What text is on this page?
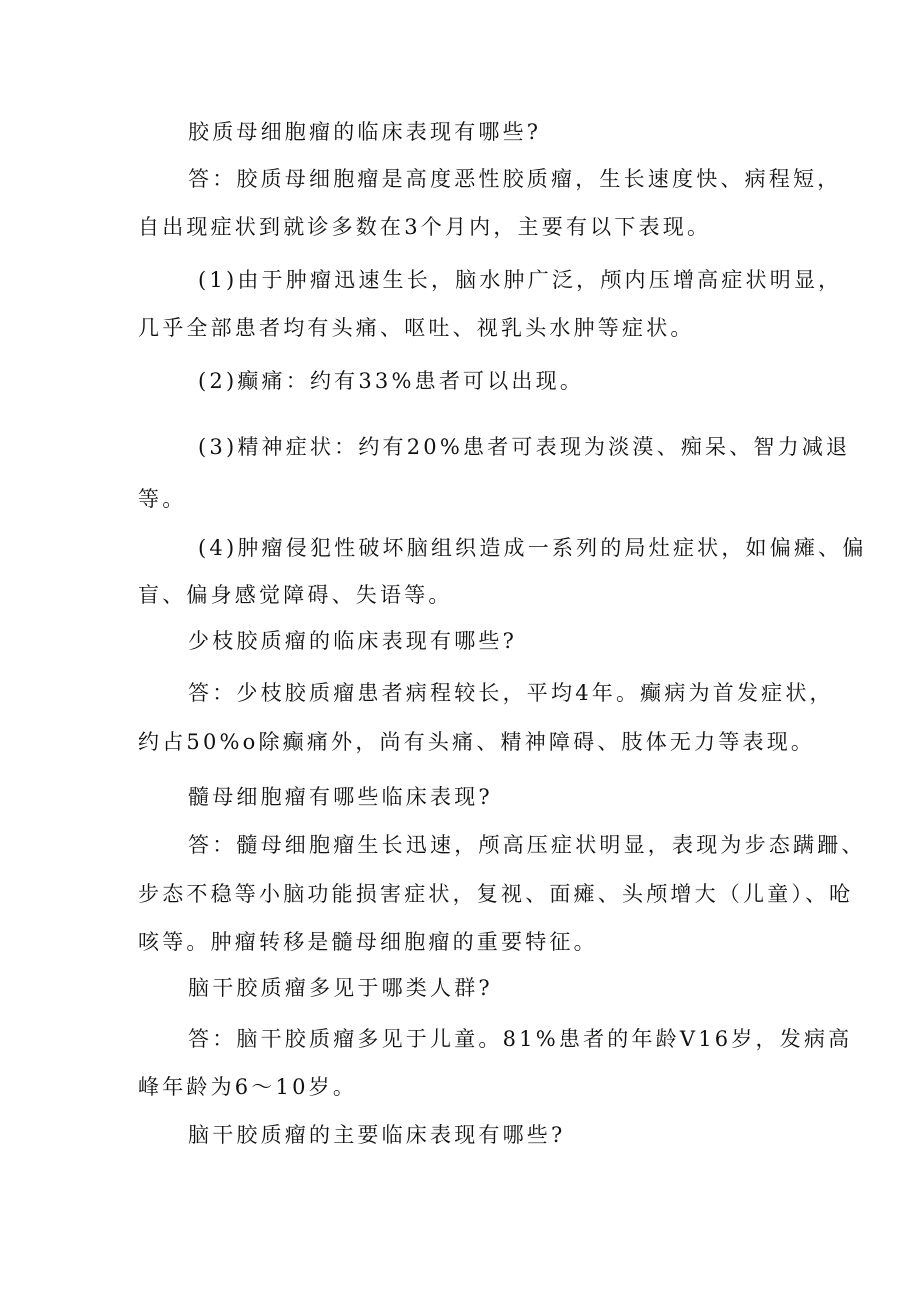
胶质母细胞瘤的临床表现有哪些?
答：胶质母细胞瘤是高度恶性胶质瘤，生长速度快、病程短，
自出现症状到就诊多数在3个月内，主要有以下表现。
(1)由于肿瘤迅速生长，脑水肿广泛，颅内压增高症状明显，
几乎全部患者均有头痛、呕吐、视乳头水肿等症状。
(2)癫痛：约有33%患者可以出现。
(3)精神症状：约有20%患者可表现为淡漠、痴呆、智力减退
等。
(4)肿瘤侵犯性破坏脑组织造成一系列的局灶症状，如偏瘫、偏
盲、偏身感觉障碍、失语等。
少枝胶质瘤的临床表现有哪些?
答：少枝胶质瘤患者病程较长，平均4年。癫病为首发症状，
约占50%o除癫痛外，尚有头痛、精神障碍、肢体无力等表现。
髓母细胞瘤有哪些临床表现?
答：髓母细胞瘤生长迅速，颅高压症状明显，表现为步态蹒跚、
步态不稳等小脑功能损害症状，复视、面瘫、头颅增大（儿童）、呛
咳等。肿瘤转移是髓母细胞瘤的重要特征。
脑干胶质瘤多见于哪类人群?
答：脑干胶质瘤多见于儿童。81%患者的年龄V16岁，发病高
峰年龄为6～10岁。
脑干胶质瘤的主要临床表现有哪些?
